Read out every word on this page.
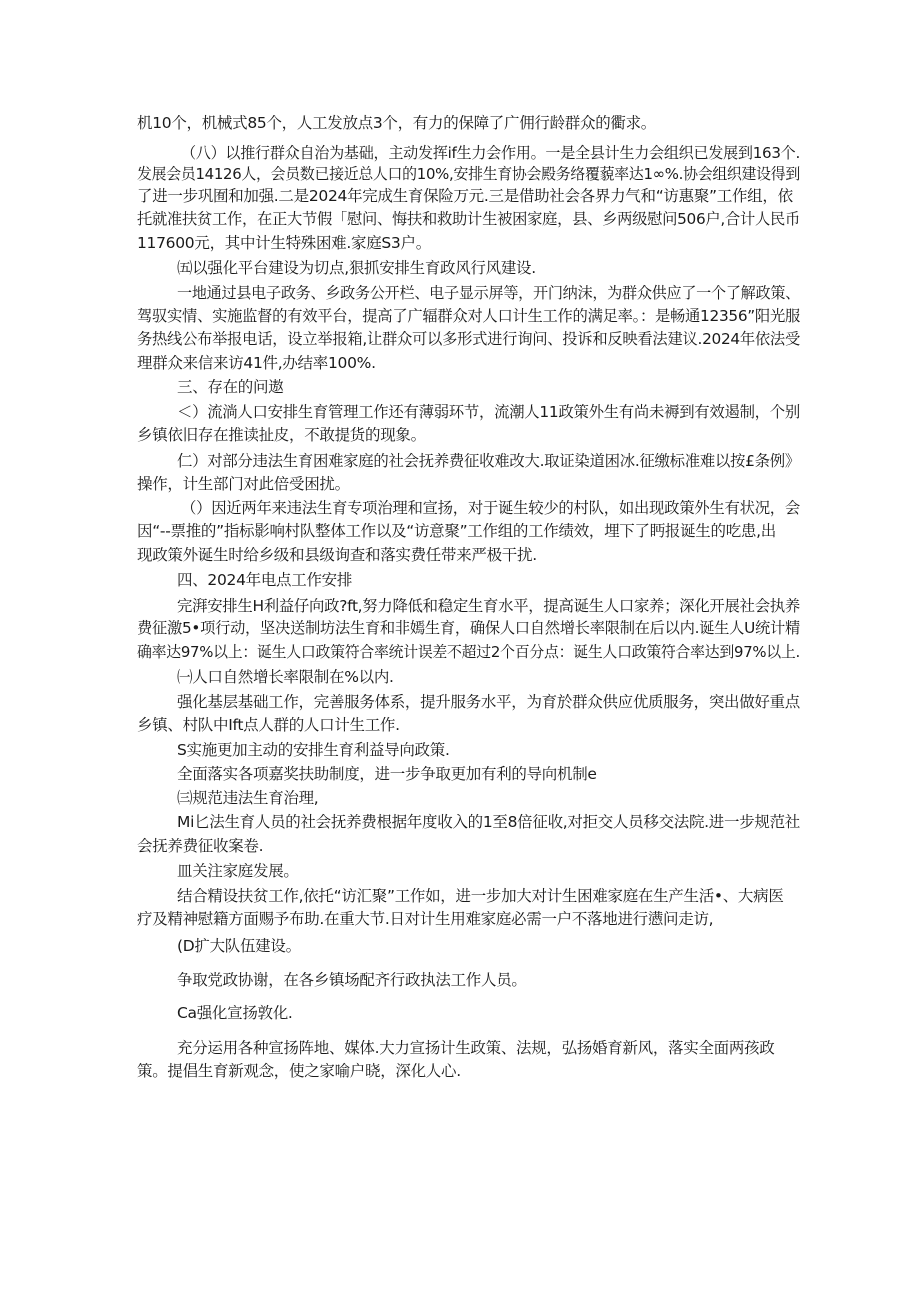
机10个，机械式85个，人工发放点3个，有力的保障了广佣行龄群众的衢求。
（八）以推行群众自治为基础，主动发挥if生力会作用。一是全县计生力会组织已发展到163个.
发展会员14126人，会员数已接近总人口的10%,安排生育协会殿务络覆藐率达1∞%.协会组织建设得到
了进一步巩囿和加强.二是2024年完成生育保险万元.三是借助社会各界力气和“访惠聚”工作组，依
托就准扶贫工作，在正大节假「慰问、悔扶和救助计生被困家庭，县、乡两级慰问506户,合计人民币
117600元，其中计生特殊困难.家庭S3户。
㈤以强化平台建设为切点,狠抓安排生育政风行风建设.
一地通过县电子政务、乡政务公开栏、电子显示屏等，开门纳沫，为群众供应了一个了解政策、
驾驭实情、实施监督的有效平台，提高了广辐群众对人口计生工作的满足率。：是畅通12356”阳光服
务热线公布举报电话，设立举报箱,让群众可以多形式进行询问、投诉和反映看法建议.2024年依法受
理群众来信来访41件,办结率100%.
三、存在的问遨
＜）流淌人口安排生育管理工作还有薄弱环节，流潮人11政策外生有尚未褥到有效遏制，个别
乡镇依旧存在推读扯皮，不敢提货的现象。
仁）对部分违法生育困难家庭的社会抚养费征收难改大.取证染道困冰.征缴标准难以按£条例》
操作，计生部门对此倍受困扰。
（）因近两年来违法生育专项治理和宣扬，对于诞生较少的村队，如出现政策外生有状况，会
因“--票推的”指标影响村队整体工作以及“访意聚”工作组的工作绩效，埋下了眄报诞生的吃患,出
现政策外诞生时给乡级和县级询查和落实费任带来严极干扰.
四、2024年电点工作安排
完湃安排生H利益仔向政?ft,努力降低和稳定生育水平，提高诞生人口家养；深化开展社会执养
费征激5•项行动，坚决送制坊法生育和非嫣生育，确保人口自然增长率限制在后以内.诞生人U统计精
确率达97%以上：诞生人口政策符合率统计误差不超过2个百分点：诞生人口政策符合率达到97%以上.
㈠人口自然增长率限制在%以内.
强化基层基础工作，完善服务体系，提升服务水平，为育於群众供应优质服务，突出做好重点
乡镇、村队中Ift点人群的人口计生工作.
S实施更加主动的安排生育利益导向政策.
全面落实各项嘉奖扶助制度，进一步争取更加有利的导向机制e
㈢规范违法生育治理,
Mi匕法生育人员的社会抚养费根据年度收入的1至8倍征收,对拒交人员移交法院.进一步规范社
会抚养费征收案卷.
皿关注家庭发展。
结合精设扶贫工作,依托“访汇聚”工作如，进一步加大对计生困难家庭在生产生活•、大病医
疗及精神慰籍方面赐予布助.在重大节.日对计生用难家庭必需一户不落地进行懑问走访,
(D扩大队伍建设。
争取党政协谢，在各乡镇场配齐行政执法工作人员。
Ca强化宣扬敦化.
充分运用各种宣扬阵地、媒体.大力宣扬计生政策、法规，弘扬婚育新风，落实全面两孩政
策。提倡生育新观念，使之家喻户晓，深化人心.
